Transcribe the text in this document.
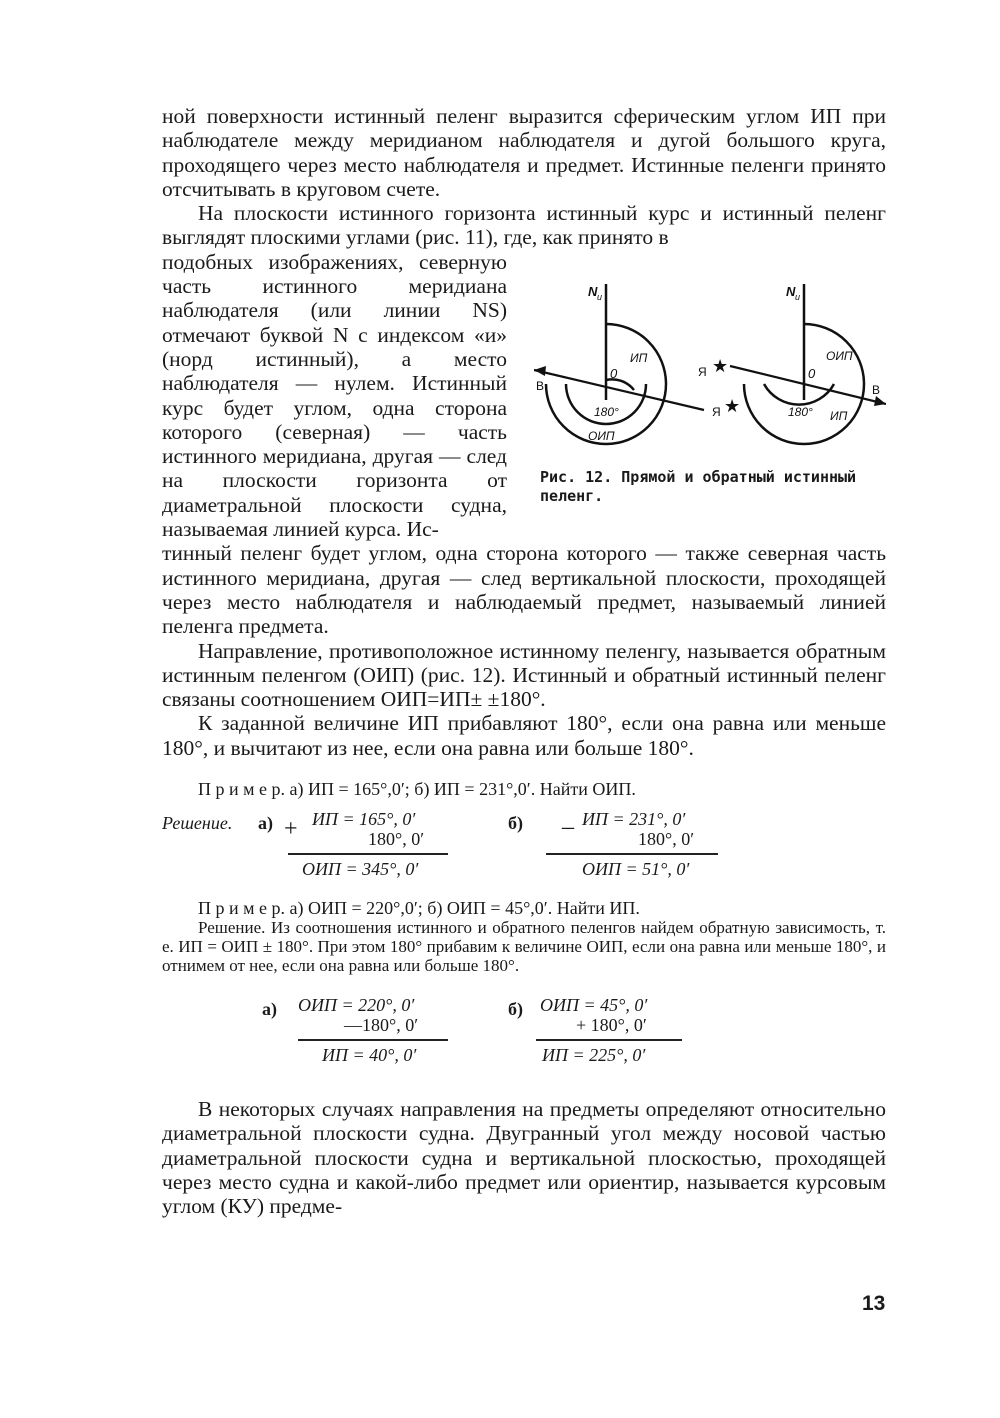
ной поверхности истинный пеленг выразится сферическим углом ИП при наблюдателе между меридианом наблюдателя и дугой большого круга, проходящего через место наблюдателя и предмет. Истинные пеленги принято отсчитывать в круговом счете.

На плоскости истинного горизонта истинный курс и истинный пеленг выглядят плоскими углами (рис. 11), где, как принято в

подобных изображениях, северную часть истинного меридиана наблюдателя (или линии NS) отмечают буквой N с индексом «и» (норд истинный), а место наблюдателя — нулем. Истинный курс будет углом, одна сторона которого (северная) — часть истинного меридиана, другая — след на плоскости горизонта от диаметральной плоскости судна, называемая линией курса. Ис-

тинный пеленг будет углом, одна сторона которого — также северная часть истинного меридиана, другая — след вертикальной плоскости, проходящей через место наблюдателя и наблюдаемый предмет, называемый линией пеленга предмета.

Направление, противоположное истинному пеленгу, называется обратным истинным пеленгом (ОИП) (рис. 12). Истинный и обратный истинный пеленг связаны соотношением ОИП=ИП± ±180°.

К заданной величине ИП прибавляют 180°, если она равна или меньше 180°, и вычитают из нее, если она равна или больше 180°.

П р и м е р. а) ИП = 165°,0′; б) ИП = 231°,0′. Найти ОИП.

Решение. а) + ИП = 165°, 0′
180°, 0′
ОИП = 345°, 0′
б) _ ИП = 231°, 0′
180°, 0′
ОИП = 51°, 0′

П р и м е р. а) ОИП = 220°,0′; б) ОИП = 45°,0′. Найти ИП.

Решение. Из соотношения истинного и обратного пеленгов найдем обратную зависимость, т. е. ИП = ОИП ± 180°. При этом 180° прибавим к величине ОИП, если она равна или меньше 180°, и отнимем от нее, если она равна или больше 180°.

а) ОИП = 220°, 0′
—180°, 0′
ИП = 40°, 0′
б) ОИП = 45°, 0′
+ 180°, 0′
ИП = 225°, 0′

В некоторых случаях направления на предметы определяют относительно диаметральной плоскости судна. Двугранный угол между носовой частью диаметральной плоскости судна и вертикальной плоскостью, проходящей через место судна и какой-либо предмет или ориентир, называется курсовым углом (КУ) предме-

N и
0
ИП
180°
ОИП
В
Я ★
N и
0
ОИП
180° ИП
В
Я ★
Рис. 12. Прямой и обратный истинный пеленг.
13
